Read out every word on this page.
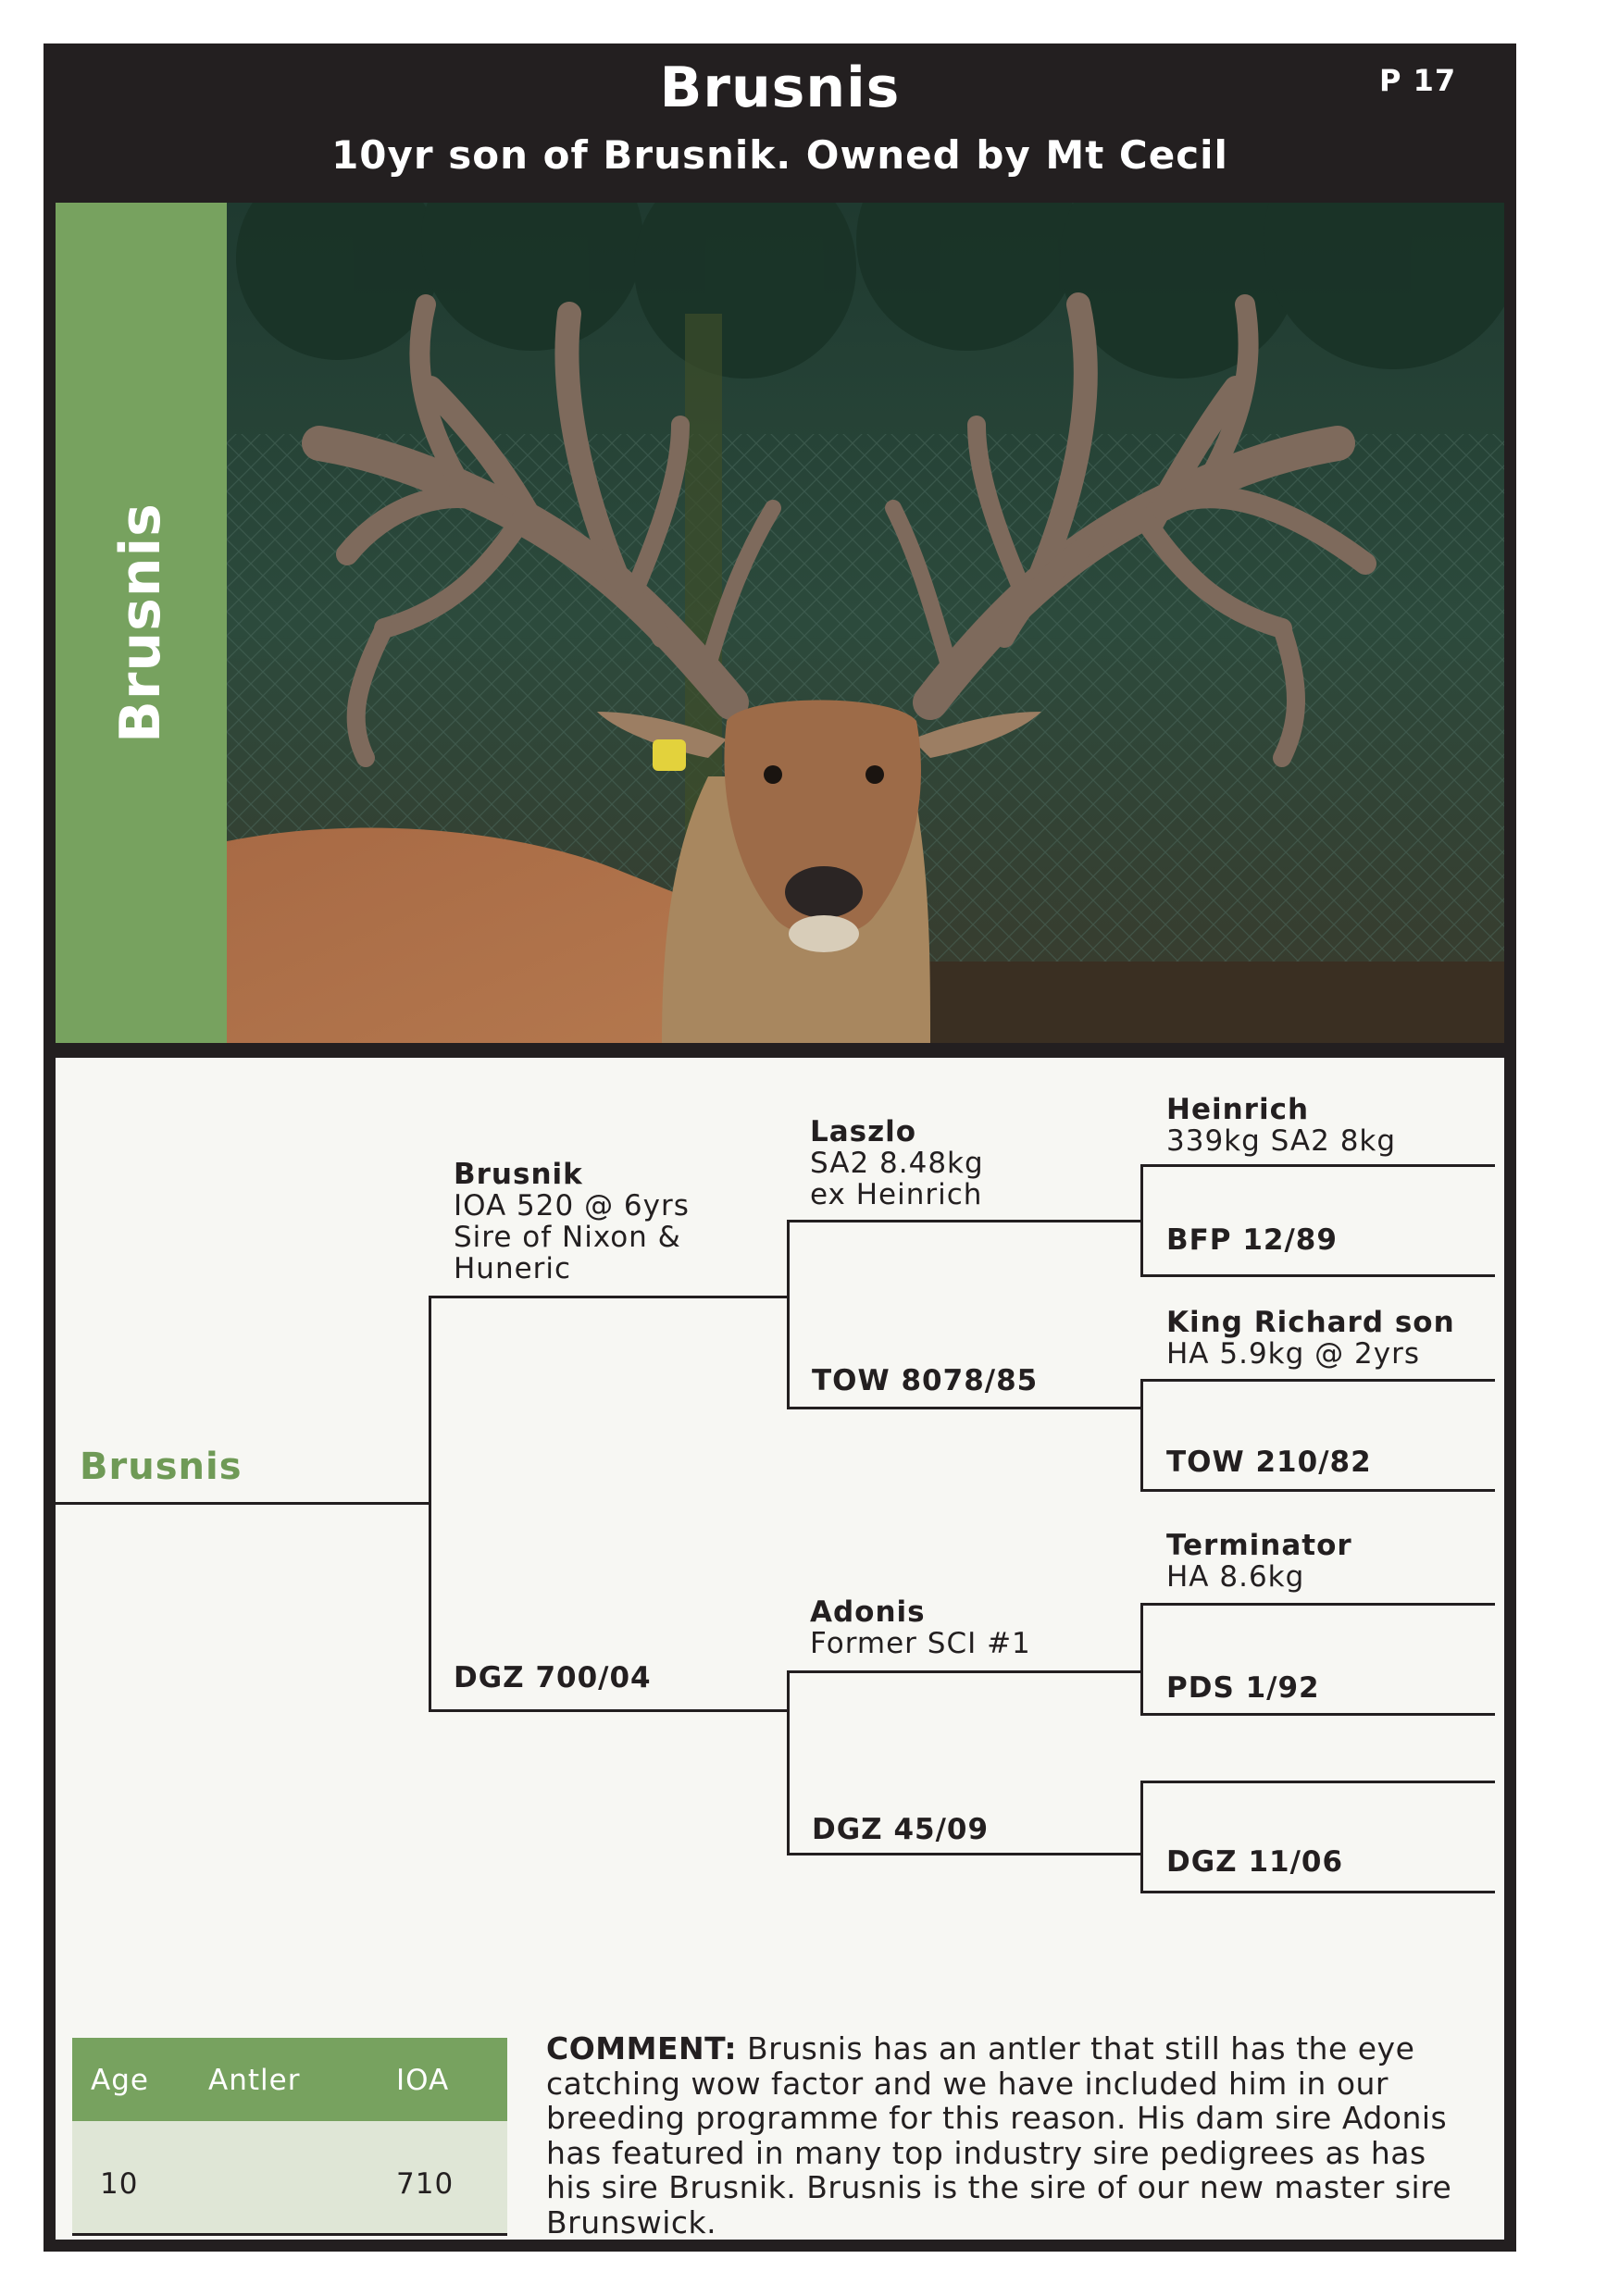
Brusnis
10yr son of Brusnik. Owned by Mt Cecil
P 17
Brusnis
Brusnis
Brusnik
IOA 520 @ 6yrs
Sire of Nixon &
Huneric
DGZ 700/04
Laszlo
SA2 8.48kg
ex Heinrich
TOW 8078/85
Adonis
Former SCI #1
DGZ 45/09
Heinrich
339kg SA2 8kg
BFP 12/89
King Richard son
HA 5.9kg @ 2yrs
TOW 210/82
Terminator
HA 8.6kg
PDS 1/92
DGZ 11/06
Age Antler	IOA
10	710
COMMENT: Brusnis has an antler that still has the eye catching wow factor and we have included him in our breeding programme for this reason. His dam sire Adonis has featured in many top industry sire pedigrees as has his sire Brusnik. Brusnis is the sire of our new master sire Brunswick.
